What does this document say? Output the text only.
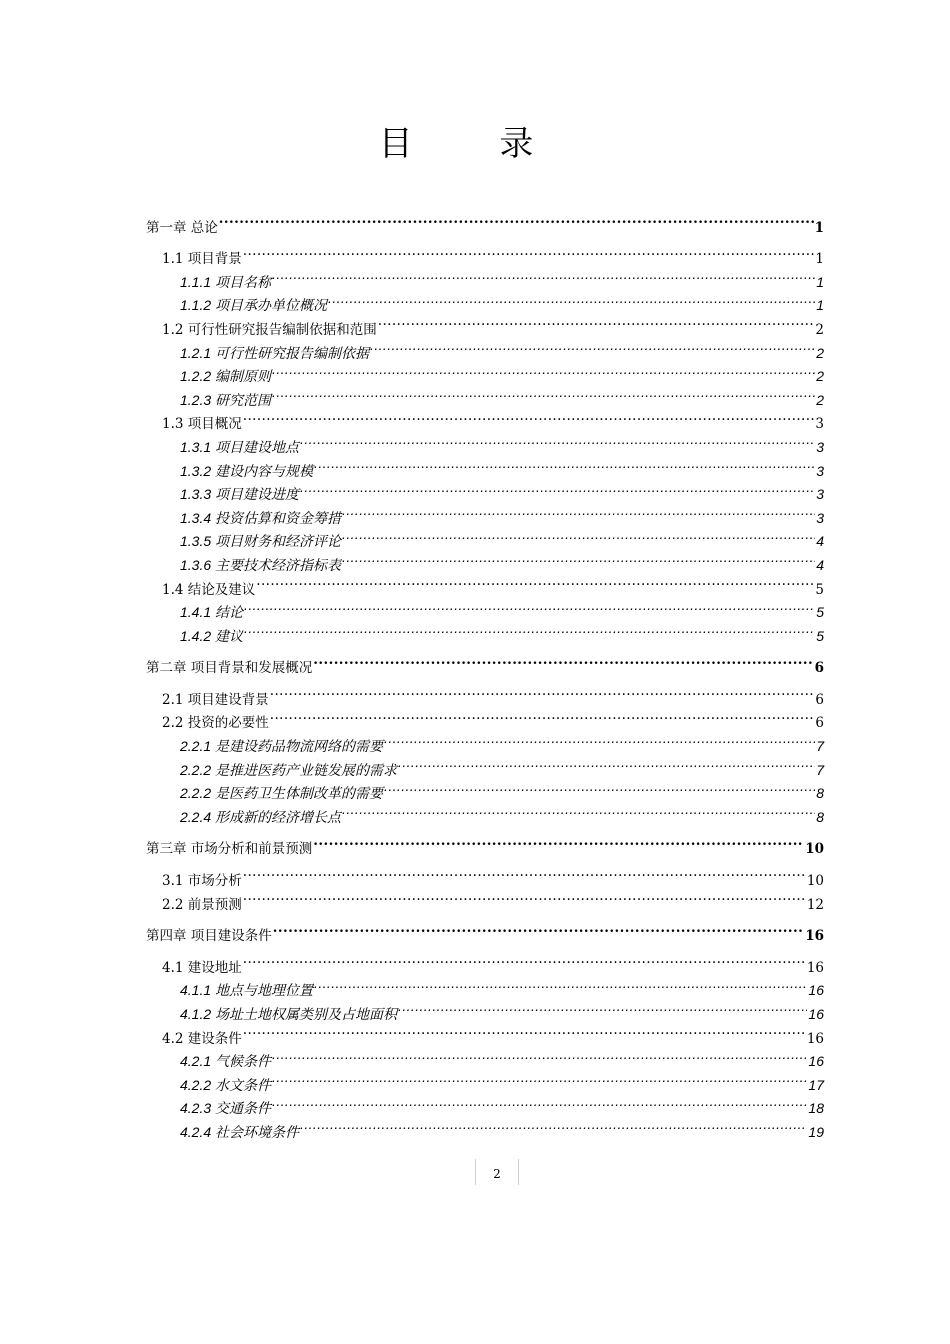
目 录
第一章 总论 .....	1
1.1 项目背景 .....	1
1.1.1 项目名称 .....	1
1.1.2 项目承办单位概况 .....	1
1.2 可行性研究报告编制依据和范围 .....	2
1.2.1 可行性研究报告编制依据 .....	2
1.2.2 编制原则 .....	2
1.2.3 研究范围 .....	2
1.3 项目概况 .....	3
1.3.1 项目建设地点 .....	3
1.3.2 建设内容与规模 .....	3
1.3.3 项目建设进度 .....	3
1.3.4 投资估算和资金筹措 .....	3
1.3.5 项目财务和经济评论 .....	4
1.3.6 主要技术经济指标表 .....	4
1.4 结论及建议 .....	5
1.4.1 结论 .....	5
1.4.2 建议 .....	5
第二章 项目背景和发展概况 .....	6
2.1 项目建设背景 .....	6
2.2 投资的必要性 .....	6
2.2.1 是建设药品物流网络的需要 .....	7
2.2.2 是推进医药产业链发展的需求 .....	7
2.2.2 是医药卫生体制改革的需要 .....	8
2.2.4 形成新的经济增长点 .....	8
第三章 市场分析和前景预测 .....	10
3.1 市场分析 .....	10
2.2 前景预测 .....	12
第四章 项目建设条件 .....	16
4.1 建设地址 .....	16
4.1.1 地点与地理位置 .....	16
4.1.2 场址土地权属类别及占地面积 .....	16
4.2 建设条件 .....	16
4.2.1 气候条件 .....	16
4.2.2 水文条件 .....	17
4.2.3 交通条件 .....	18
4.2.4 社会环境条件 .....	19
2
